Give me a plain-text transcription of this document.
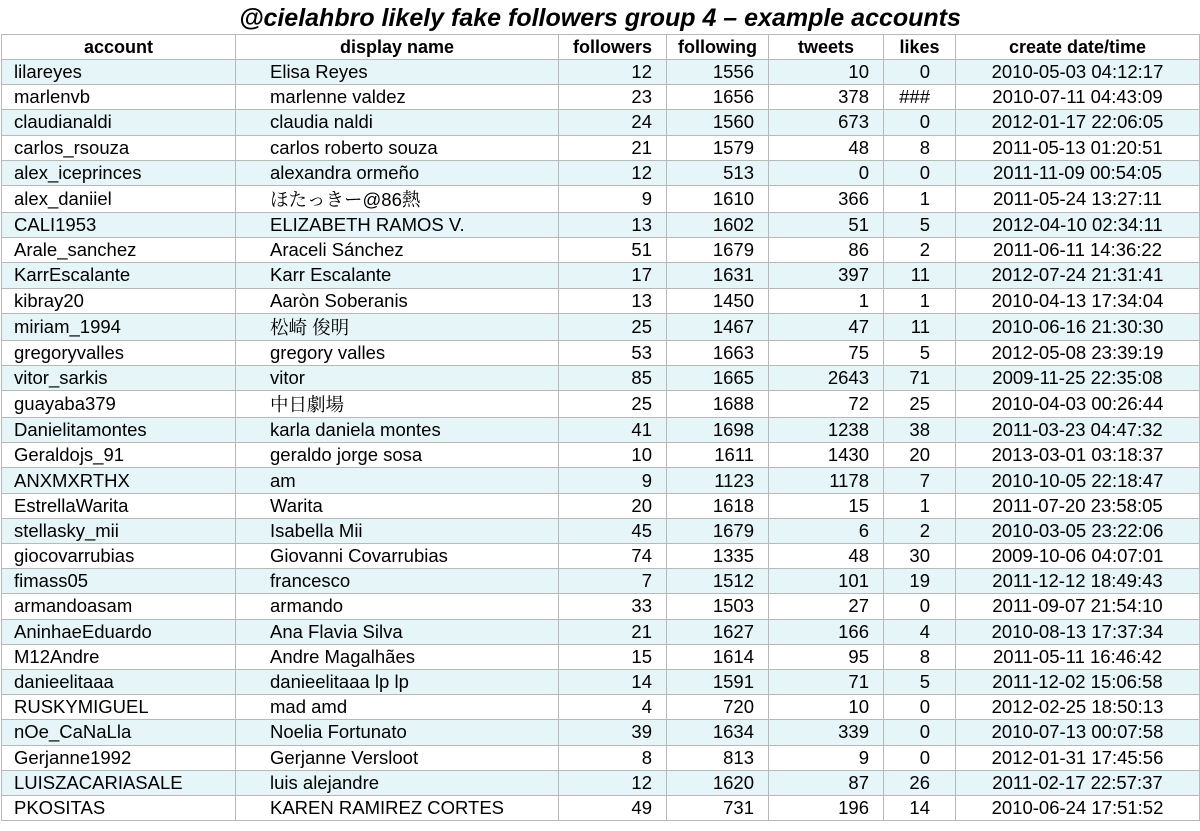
@cielahbro likely fake followers group 4 – example accounts
account	display name	followers	following	tweets	likes	create date/time
lilareyes	Elisa Reyes	12	1556	10	0	2010-05-03 04:12:17
marlenvb	marlenne valdez	23	1656	378	###	2010-07-11 04:43:09
claudianaldi	claudia naldi	24	1560	673	0	2012-01-17 22:06:05
carlos_rsouza	carlos roberto souza	21	1579	48	8	2011-05-13 01:20:51
alex_iceprinces	alexandra ormeño	12	513	0	0	2011-11-09 00:54:05
alex_daniiel	ほたっきー@86熱	9	1610	366	1	2011-05-24 13:27:11
CALI1953	ELIZABETH RAMOS V.	13	1602	51	5	2012-04-10 02:34:11
Arale_sanchez	Araceli Sánchez	51	1679	86	2	2011-06-11 14:36:22
KarrEscalante	Karr Escalante	17	1631	397	11	2012-07-24 21:31:41
kibray20	Aaròn Soberanis	13	1450	1	1	2010-04-13 17:34:04
miriam_1994	松崎 俊明	25	1467	47	11	2010-06-16 21:30:30
gregoryvalles	gregory valles	53	1663	75	5	2012-05-08 23:39:19
vitor_sarkis	vitor	85	1665	2643	71	2009-11-25 22:35:08
guayaba379	中日劇場	25	1688	72	25	2010-04-03 00:26:44
Danielitamontes	karla daniela montes	41	1698	1238	38	2011-03-23 04:47:32
Geraldojs_91	geraldo jorge sosa	10	1611	1430	20	2013-03-01 03:18:37
ANXMXRTHX	am	9	1123	1178	7	2010-10-05 22:18:47
EstrellaWarita	Warita	20	1618	15	1	2011-07-20 23:58:05
stellasky_mii	Isabella Mii	45	1679	6	2	2010-03-05 23:22:06
giocovarrubias	Giovanni Covarrubias	74	1335	48	30	2009-10-06 04:07:01
fimass05	francesco	7	1512	101	19	2011-12-12 18:49:43
armandoasam	armando	33	1503	27	0	2011-09-07 21:54:10
AninhaeEduardo	Ana Flavia Silva	21	1627	166	4	2010-08-13 17:37:34
M12Andre	Andre Magalhães	15	1614	95	8	2011-05-11 16:46:42
danieelitaaa	danieelitaaa lp lp	14	1591	71	5	2011-12-02 15:06:58
RUSKYMIGUEL	mad amd	4	720	10	0	2012-02-25 18:50:13
nOe_CaNaLla	Noelia Fortunato	39	1634	339	0	2010-07-13 00:07:58
Gerjanne1992	Gerjanne Versloot	8	813	9	0	2012-01-31 17:45:56
LUISZACARIASALE	luis alejandre	12	1620	87	26	2011-02-17 22:57:37
PKOSITAS	KAREN RAMIREZ CORTES	49	731	196	14	2010-06-24 17:51:52
